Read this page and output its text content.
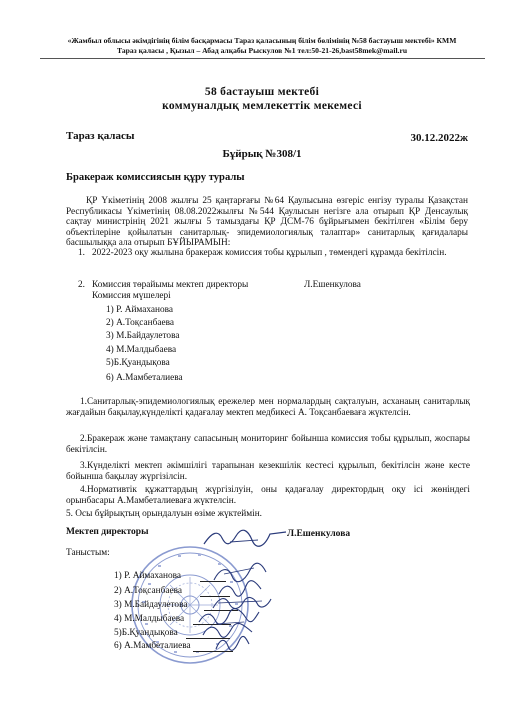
«Жамбыл облысы әкімдігінің білім басқармасы Тараз қаласының білім бөлімінің №58 бастауыш мектебі» КММ
Тараз қаласы , Қызыл – Абад алқабы Рыскулов №1 тел:50-21-26,bast58mek@mail.ru
58 бастауыш мектебі
коммуналдық мемлекеттік мекемесі
Тараз қаласы	30.12.2022ж
Бұйрық №308/1
Бракераж комиссиясын құру туралы
ҚР Үкіметінің 2008 жылғы 25 қаңтарғағы №64 Қаулысына өзгеріс енгізу туралы Қазақстан Республикасы Үкіметінің 08.08.2022жылғы №544 Қаулысын негізге ала отырып ҚР Денсаулық сақтау министрінің 2021 жылғы 5 тамыздағы ҚР ДСМ-76 бұйрығымен бекітілген «Білім беру объектілеріне қойылатын санитарлық- эпидемиологиялық талаптар» санитарлық қағидалары басшылыққа ала отырып БҰЙЫРАМЫН:
1. 2022-2023 оқу жылына бракераж комиссия тобы құрылып , төмендегі құрамда бекітілсін.
2. Комиссия төрайымы мектеп директоры	Л.Ешенкулова
Комиссия мүшелері
1) Р. Аймаханова
2) А.Тоқсанбаева
3) М.Байдаулетова
4) М.Малдыбаева
5)Б.Қуандықова
6) А.Мамбеталиева
1.Санитарлық-эпидемиологиялық ережелер мен нормалардың сақталуын, асханаың санитарлық жағдайын бақылау,күнделікті қадағалау мектеп медбикесі А. Тоқсанбаеваға жүктелсін.
2.Бракераж және тамақтану сапасының мониторинг бойынша комиссия тобы құрылып, жоспары бекітілсін.
3.Күнделікті мектеп әкімшілігі тарапынан кезекшілік кестесі құрылып, бекітілсін және кесте бойынша бақылау жүргізілсін.
4.Нормативтік құжаттардың жүргізілуін, оны қадағалау директордың оқу ісі жөніндегі орынбасары А.Мамбеталиеваға жүктелсін.
5. Осы бұйрықтың орындалуын өзіме жүктеймін.
Мектеп директоры	Л.Ешенкулова
Таныстым:
1) Р. Аймаханова
2) А.Тоқсанбаева
3) М.Байдаулетова
4) М.Малдыбаева
5)Б.Қуандықова
6) А.Мамбеталиева
